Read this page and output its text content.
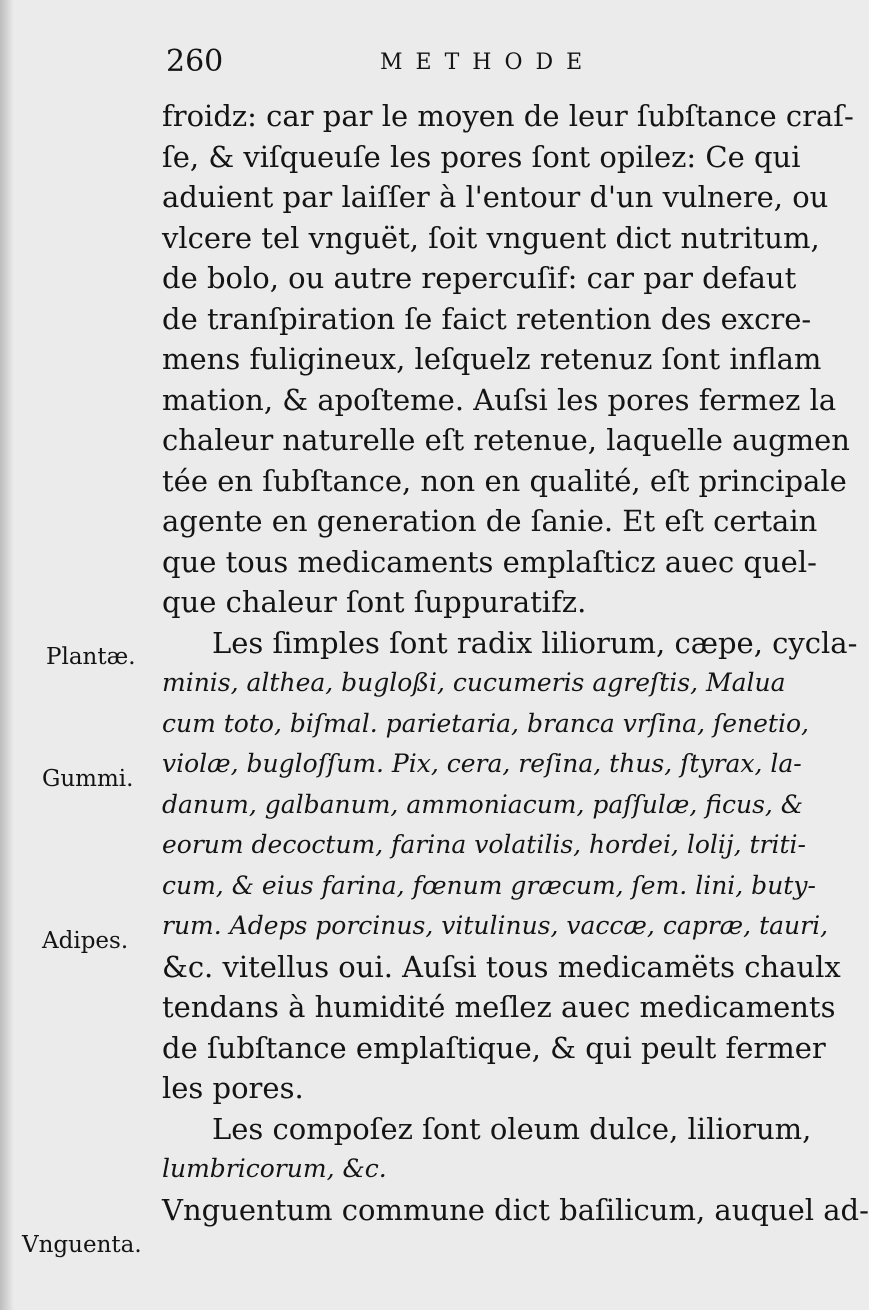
260	METHODE
Plantæ.
Gummi.
Adipes.
Vnguenta.
froidz: car par le moyen de leur ſubſtance craſ-
ſe, & viſqueuſe les pores ſont opilez: Ce qui
aduient par laiſſer à l'entour d'un vulnere, ou
vlcere tel vnguët, ſoit vnguent dict nutritum,
de bolo, ou autre repercuſif: car par defaut
de tranſpiration ſe faict retention des excre-
mens fuligineux, leſquelz retenuz ſont inflam
mation, & apoſteme. Auſsi les pores fermez la
chaleur naturelle eſt retenue, laquelle augmen
tée en ſubſtance, non en qualité, eſt principale
agente en generation de ſanie. Et eſt certain
que tous medicaments emplaſticz auec quel-
que chaleur ſont ſuppuratifz.
Les ſimples ſont radix liliorum, cæpe, cycla-
minis, althea, bugloßi, cucumeris agreſtis, Malua
cum toto, biſmal. parietaria, branca vrſina, ſenetio,
violæ, bugloſſum. Pix, cera, reſina, thus, ſtyrax, la-
danum, galbanum, ammoniacum, paſſulæ, ficus, &
eorum decoctum, farina volatilis, hordei, lolij, triti-
cum, & eius farina, fœnum græcum, ſem. lini, buty-
rum. Adeps porcinus, vitulinus, vaccæ, capræ, tauri,
&c. vitellus oui. Auſsi tous medicamëts chaulx
tendans à humidité meſlez auec medicaments
de ſubſtance emplaſtique, & qui peult fermer
les pores.
Les compoſez ſont oleum dulce, liliorum,
lumbricorum, &c.
Vnguentum commune dict baſilicum, auquel ad-
